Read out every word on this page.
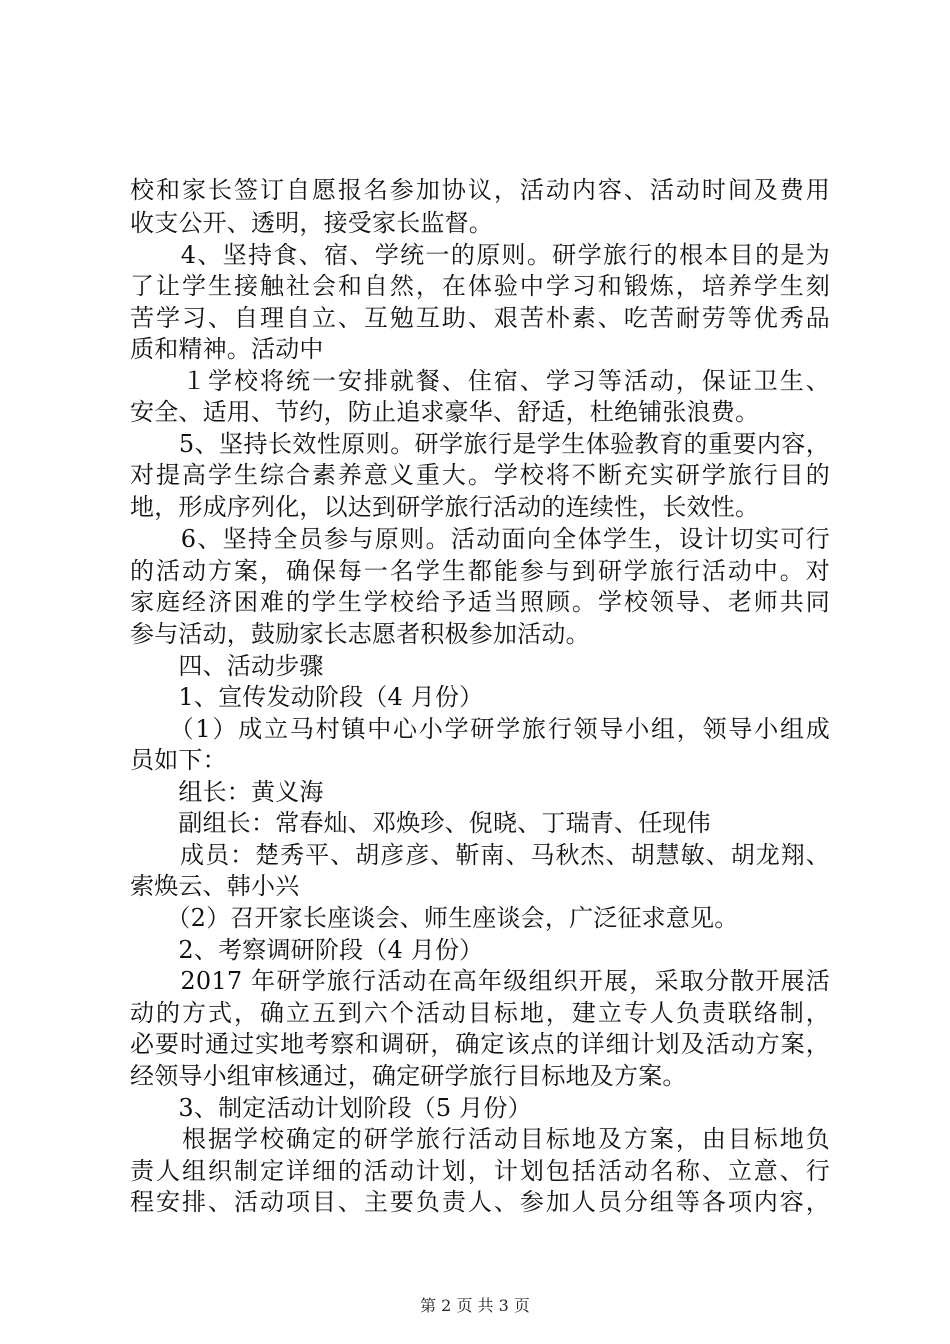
校和家长签订自愿报名参加协议，活动内容、活动时间及费用
收支公开、透明，接受家长监督。
　　4、坚持食、宿、学统一的原则。研学旅行的根本目的是为
了让学生接触社会和自然，在体验中学习和锻炼，培养学生刻
苦学习、自理自立、互勉互助、艰苦朴素、吃苦耐劳等优秀品
质和精神。活动中
　　１学校将统一安排就餐、住宿、学习等活动，保证卫生、
安全、适用、节约，防止追求豪华、舒适，杜绝铺张浪费。
　　5、坚持长效性原则。研学旅行是学生体验教育的重要内容，
对提高学生综合素养意义重大。学校将不断充实研学旅行目的
地，形成序列化，以达到研学旅行活动的连续性，长效性。
　　6、坚持全员参与原则。活动面向全体学生，设计切实可行
的活动方案，确保每一名学生都能参与到研学旅行活动中。对
家庭经济困难的学生学校给予适当照顾。学校领导、老师共同
参与活动，鼓励家长志愿者积极参加活动。
　　四、活动步骤
　　1、宣传发动阶段（4 月份）
　　（1）成立马村镇中心小学研学旅行领导小组，领导小组成
员如下：
　　组长：黄义海
　　副组长：常春灿、邓焕珍、倪晓、丁瑞青、任现伟
　　成员：楚秀平、胡彦彦、靳南、马秋杰、胡慧敏、胡龙翔、
索焕云、韩小兴
　　（2）召开家长座谈会、师生座谈会，广泛征求意见。
　　2、考察调研阶段（4 月份）
　　2017 年研学旅行活动在高年级组织开展，采取分散开展活
动的方式，确立五到六个活动目标地，建立专人负责联络制，
必要时通过实地考察和调研，确定该点的详细计划及活动方案，
经领导小组审核通过，确定研学旅行目标地及方案。
　　3、制定活动计划阶段（5 月份）
　　根据学校确定的研学旅行活动目标地及方案，由目标地负
责人组织制定详细的活动计划，计划包括活动名称、立意、行
程安排、活动项目、主要负责人、参加人员分组等各项内容，
第 2 页 共 3 页
